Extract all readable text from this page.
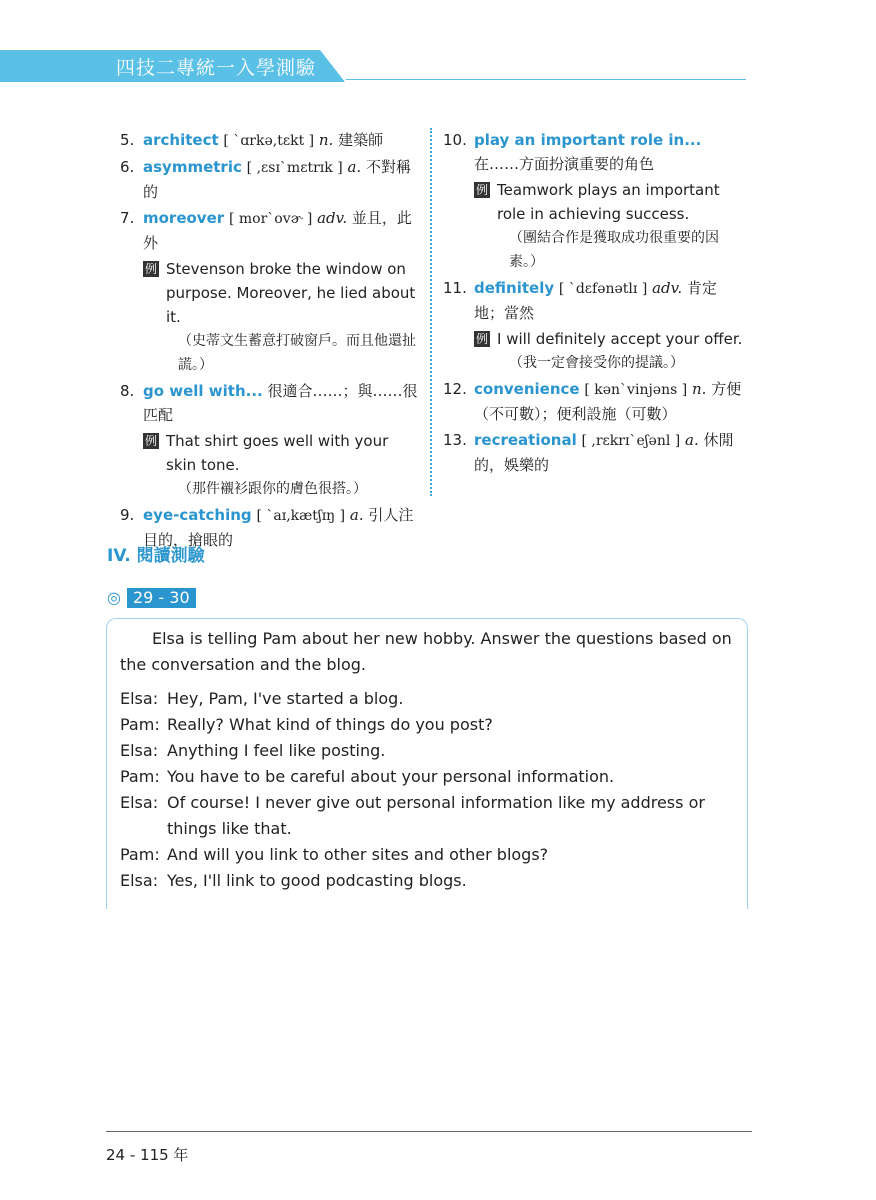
四技二專統一入學測驗
5. architect [ ˋɑrkə,tɛkt ] n. 建築師
6. asymmetric [ ,ɛsɪˋmɛtrɪk ] a. 不對稱的
7. moreover [ morˋovɚ ] adv. 並且，此外
例 Stevenson broke the window on purpose. Moreover, he lied about it.
（史蒂文生蓄意打破窗戶。而且他還扯謊。）
8. go well with... 很適合……；與……很匹配
例 That shirt goes well with your skin tone.
（那件襯衫跟你的膚色很搭。）
9. eye-catching [ ˋaɪ,kætʃɪŋ ] a. 引人注目的，搶眼的
10. play an important role in... 在……方面扮演重要的角色
例 Teamwork plays an important role in achieving success.
（團結合作是獲取成功很重要的因素。）
11. definitely [ ˋdɛfənətlɪ ] adv. 肯定地；當然
例 I will definitely accept your offer.
（我一定會接受你的提議。）
12. convenience [ kənˋvinjəns ] n. 方便（不可數）；便利設施（可數）
13. recreational [ ,rɛkrɪˋeʃənl ] a. 休閒的，娛樂的
IV. 閱讀測驗
◎ 29 - 30
Elsa is telling Pam about her new hobby. Answer the questions based on the conversation and the blog.
Elsa: Hey, Pam, I've started a blog.
Pam: Really? What kind of things do you post?
Elsa: Anything I feel like posting.
Pam: You have to be careful about your personal information.
Elsa: Of course! I never give out personal information like my address or things like that.
Pam: And will you link to other sites and other blogs?
Elsa: Yes, I'll link to good podcasting blogs.
24 - 115 年
